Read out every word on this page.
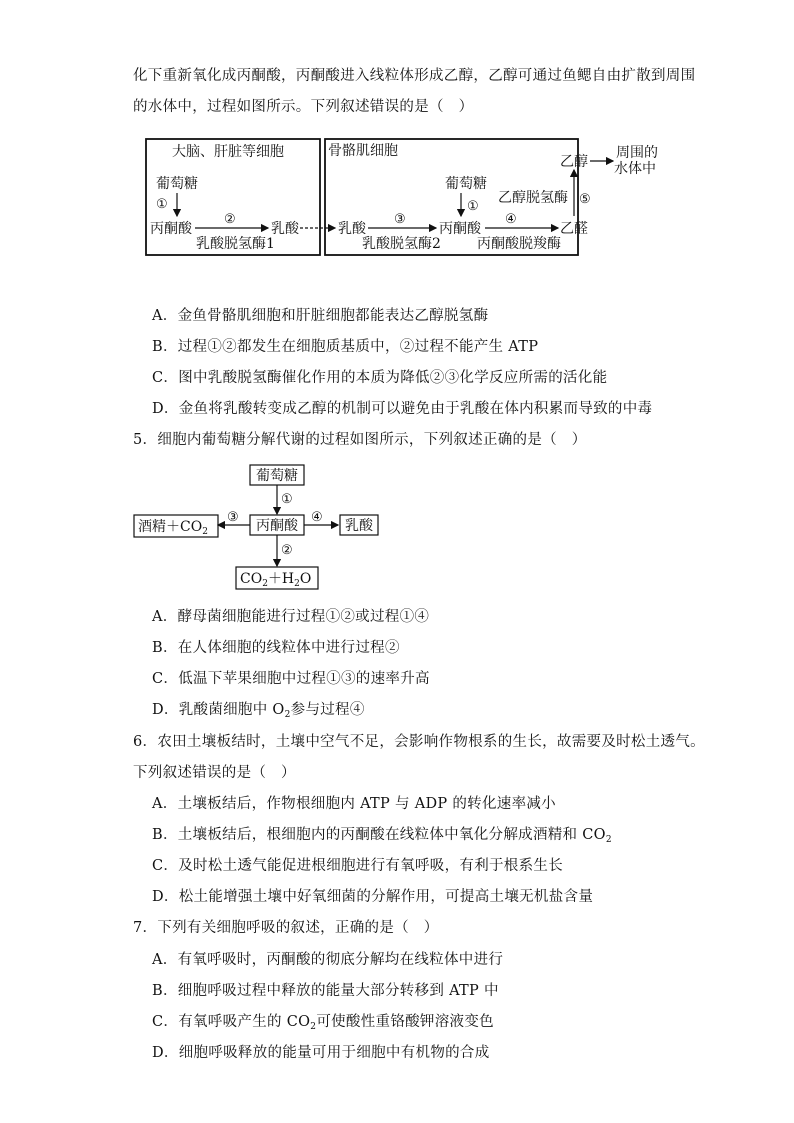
化下重新氧化成丙酮酸，丙酮酸进入线粒体形成乙醇，乙醇可通过鱼鳃自由扩散到周围
的水体中，过程如图所示。下列叙述错误的是（　）
大脑、肝脏等细胞	骨骼肌细胞
葡萄糖
①
丙酮酸
②
乳酸
乳酸脱氢酶1
乳酸
③
乳酸脱氢酶2
葡萄糖
①
丙酮酸
④
丙酮酸脱羧酶
乙醛
⑤
乙醇脱氢酶
乙醇
周围的
水体中
A．金鱼骨骼肌细胞和肝脏细胞都能表达乙醇脱氢酶
B．过程①②都发生在细胞质基质中，②过程不能产生 ATP
C．图中乳酸脱氢酶催化作用的本质为降低②③化学反应所需的活化能
D．金鱼将乳酸转变成乙醇的机制可以避免由于乳酸在体内积累而导致的中毒
5．细胞内葡萄糖分解代谢的过程如图所示，下列叙述正确的是（　）
葡萄糖
①
丙酮酸
③
酒精$+CO_2$
④
乳酸
②
$CO_2+H_2O$
A．酵母菌细胞能进行过程①②或过程①④
B．在人体细胞的线粒体中进行过程②
C．低温下苹果细胞中过程①③的速率升高
D．乳酸菌细胞中 $O_2$参与过程④
6．农田土壤板结时，土壤中空气不足，会影响作物根系的生长，故需要及时松土透气。
下列叙述错误的是（　）
A．土壤板结后，作物根细胞内 ATP 与 ADP 的转化速率减小
B．土壤板结后，根细胞内的丙酮酸在线粒体中氧化分解成酒精和 $CO_2$
C．及时松土透气能促进根细胞进行有氧呼吸，有利于根系生长
D．松土能增强土壤中好氧细菌的分解作用，可提高土壤无机盐含量
7．下列有关细胞呼吸的叙述，正确的是（　）
A．有氧呼吸时，丙酮酸的彻底分解均在线粒体中进行
B．细胞呼吸过程中释放的能量大部分转移到 ATP 中
C．有氧呼吸产生的 $CO_2$可使酸性重铬酸钾溶液变色
D．细胞呼吸释放的能量可用于细胞中有机物的合成
